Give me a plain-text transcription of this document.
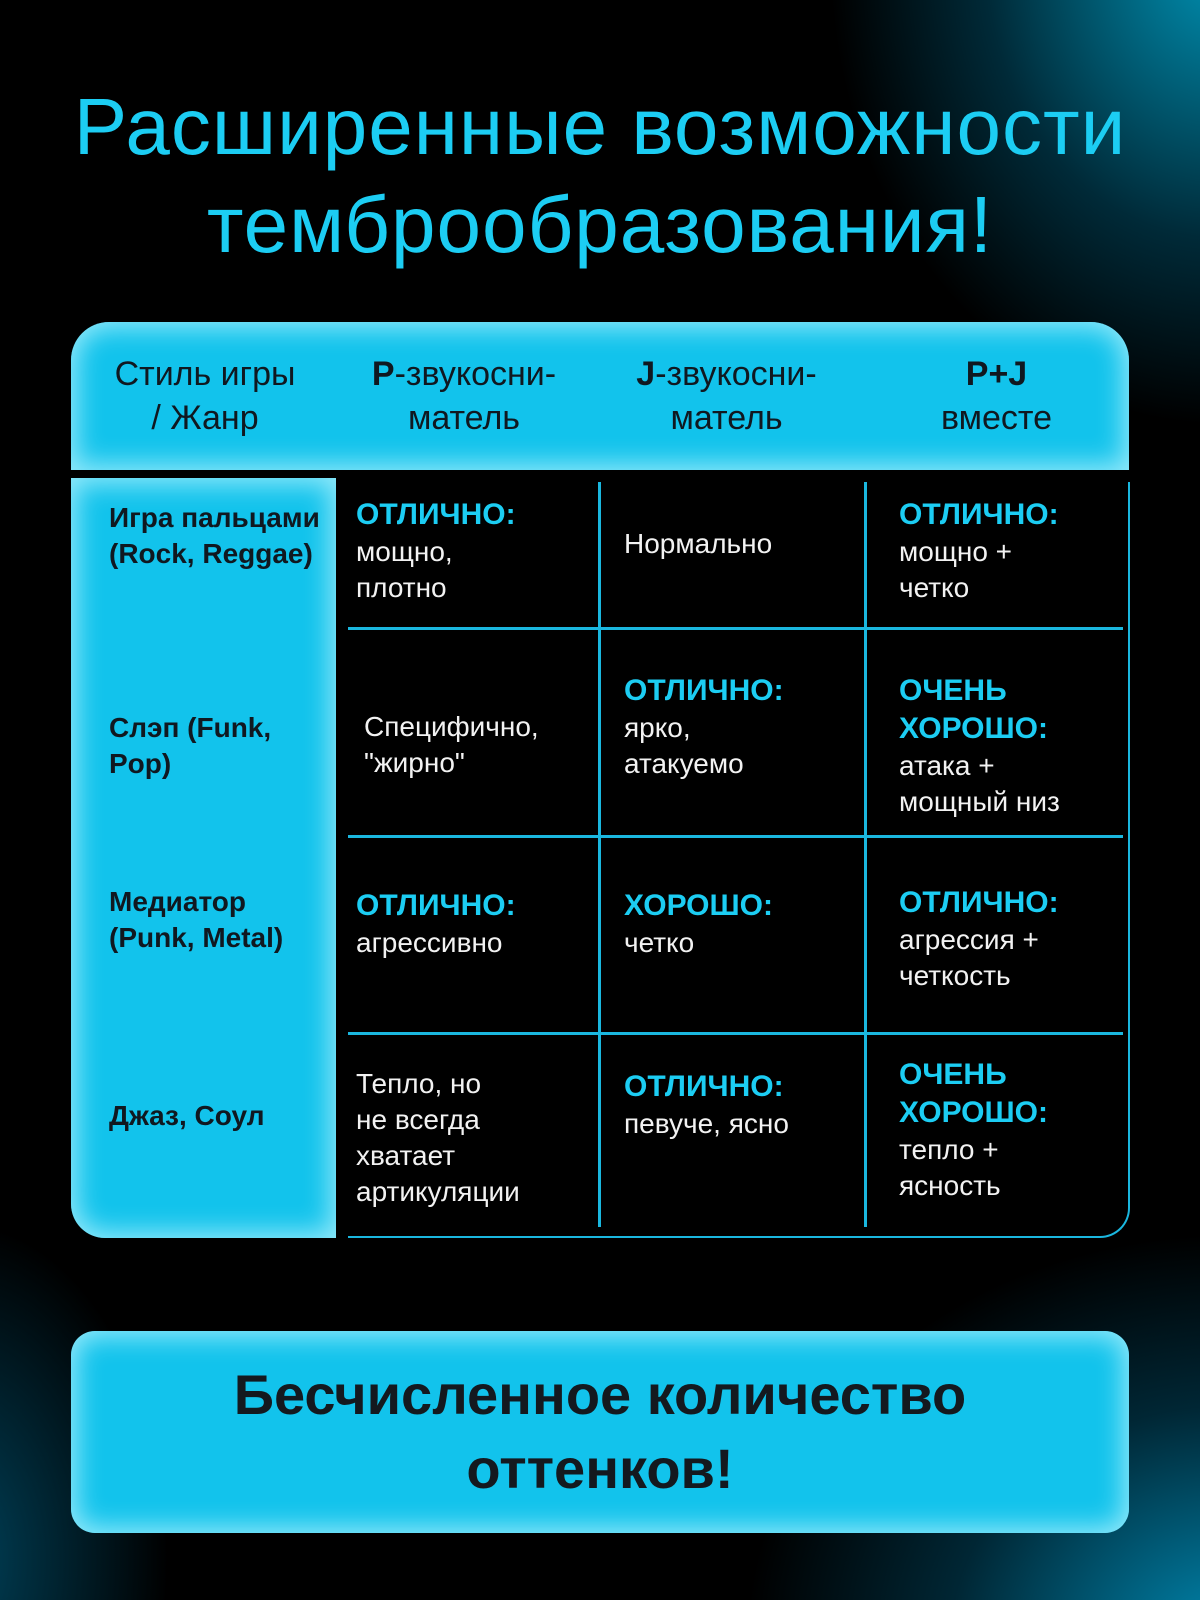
Расширенные возможности
темброобразования!
Стиль игры
/ Жанр
P-звукосни-
матель
J-звукосни-
матель
P+J
вместе
Игра пальцами (Rock, Reggae)
Слэп (Funk, Pop)
Медиатор (Punk, Metal)
Джаз, Соул
ОТЛИЧНО:
мощно,
плотно
Нормально
ОТЛИЧНО:
мощно +
четко
Специфично,
"жирно"
ОТЛИЧНО:
ярко,
атакуемо
ОЧЕНЬ ХОРОШО:
атака +
мощный низ
ОТЛИЧНО:
агрессивно
ХОРОШО:
четко
ОТЛИЧНО:
агрессия +
четкость
Тепло, но
не всегда
хватает
артикуляции
ОТЛИЧНО:
певуче, ясно
ОЧЕНЬ ХОРОШО:
тепло +
ясность
Бесчисленное количество
оттенков!
